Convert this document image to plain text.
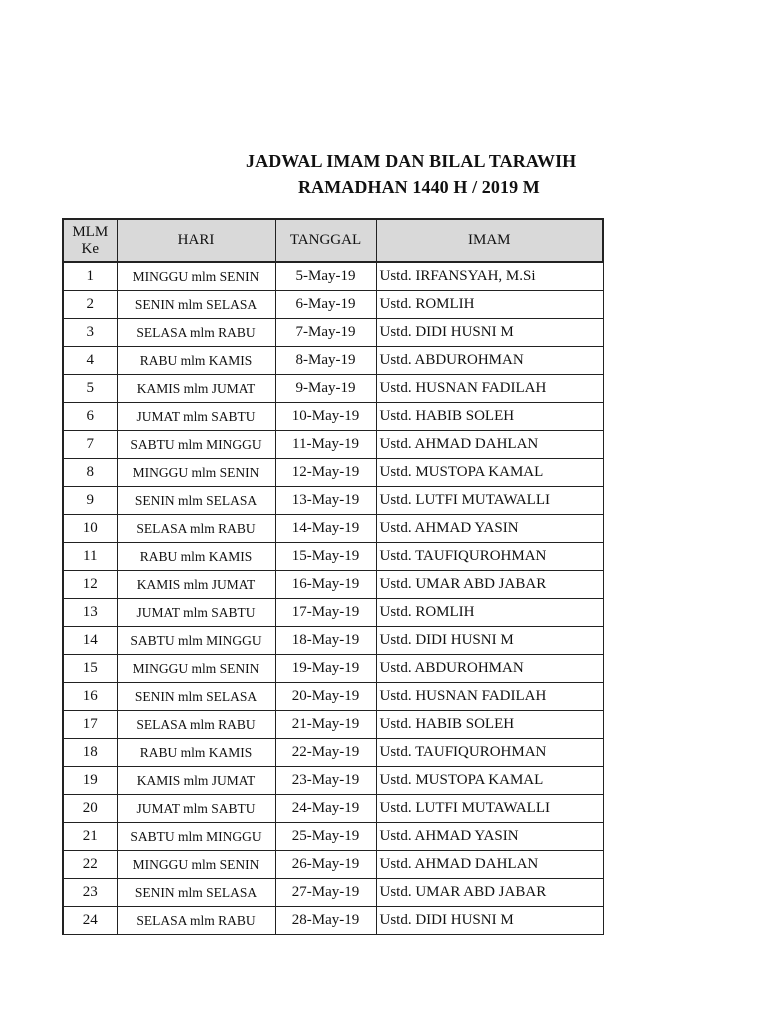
JADWAL IMAM DAN BILAL TARAWIH
RAMADHAN 1440 H / 2019 M
MLM
Ke	HARI	TANGGAL	IMAM
1	MINGGU mlm SENIN	5-May-19	Ustd. IRFANSYAH, M.Si
2	SENIN mlm SELASA	6-May-19	Ustd. ROMLIH
3	SELASA mlm RABU	7-May-19	Ustd. DIDI HUSNI M
4	RABU mlm KAMIS	8-May-19	Ustd. ABDUROHMAN
5	KAMIS mlm JUMAT	9-May-19	Ustd. HUSNAN FADILAH
6	JUMAT mlm SABTU	10-May-19	Ustd. HABIB SOLEH
7	SABTU mlm MINGGU	11-May-19	Ustd. AHMAD DAHLAN
8	MINGGU mlm SENIN	12-May-19	Ustd. MUSTOPA KAMAL
9	SENIN mlm SELASA	13-May-19	Ustd. LUTFI MUTAWALLI
10	SELASA mlm RABU	14-May-19	Ustd. AHMAD YASIN
11	RABU mlm KAMIS	15-May-19	Ustd. TAUFIQUROHMAN
12	KAMIS mlm JUMAT	16-May-19	Ustd. UMAR ABD JABAR
13	JUMAT mlm SABTU	17-May-19	Ustd. ROMLIH
14	SABTU mlm MINGGU	18-May-19	Ustd. DIDI HUSNI M
15	MINGGU mlm SENIN	19-May-19	Ustd. ABDUROHMAN
16	SENIN mlm SELASA	20-May-19	Ustd. HUSNAN FADILAH
17	SELASA mlm RABU	21-May-19	Ustd. HABIB SOLEH
18	RABU mlm KAMIS	22-May-19	Ustd. TAUFIQUROHMAN
19	KAMIS mlm JUMAT	23-May-19	Ustd. MUSTOPA KAMAL
20	JUMAT mlm SABTU	24-May-19	Ustd. LUTFI MUTAWALLI
21	SABTU mlm MINGGU	25-May-19	Ustd. AHMAD YASIN
22	MINGGU mlm SENIN	26-May-19	Ustd. AHMAD DAHLAN
23	SENIN mlm SELASA	27-May-19	Ustd. UMAR ABD JABAR
24	SELASA mlm RABU	28-May-19	Ustd. DIDI HUSNI M
